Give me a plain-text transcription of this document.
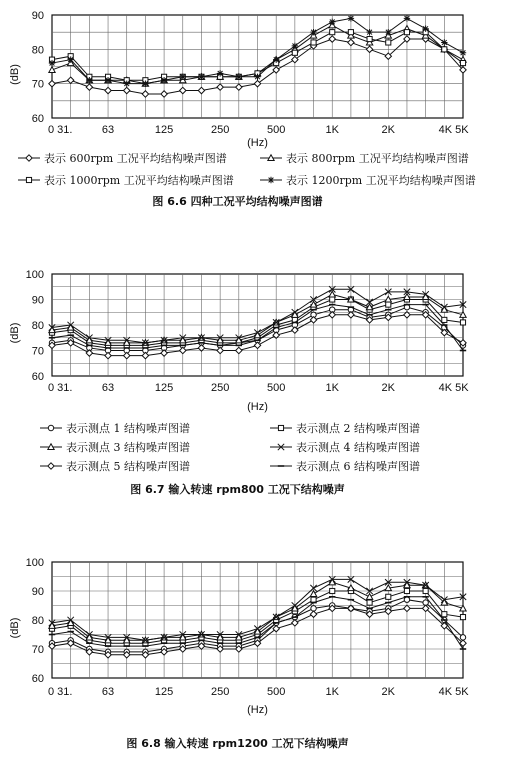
表示 600rpm 工况平均结构噪声图谱	表示 800rpm 工况平均结构噪声图谱
表示 1000rpm 工况平均结构噪声图谱	表示 1200rpm 工况平均结构噪声图谱
60
70
80
90
(dB)
0 31.	63	125	250	500	1K	2K	4K 5K
(Hz)
图 6.6 四种工况平均结构噪声图谱
表示测点 1 结构噪声图谱	表示测点 2 结构噪声图谱
表示测点 3 结构噪声图谱	表示测点 4 结构噪声图谱
表示测点 5 结构噪声图谱	表示测点 6 结构噪声图谱
60
70
80
90
100
(dB)
0 31.	63	125	250	500	1K	2K	4K 5K
(Hz)
图 6.7 输入转速 rpm800 工况下结构噪声
60
70
80
90
100
(dB)
0 31.	63	125	250	500	1K	2K	4K 5K
(Hz)
图 6.8 输入转速 rpm1200 工况下结构噪声
